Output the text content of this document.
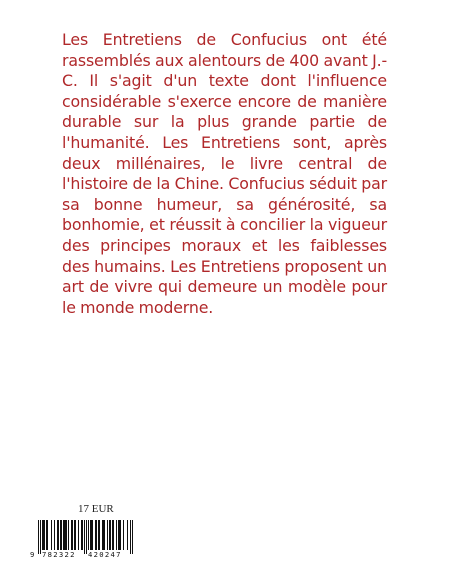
Les Entretiens de Confucius ont été rassemblés aux alentours de 400 avant J.-C. Il s'agit d'un texte dont l'influence considérable s'exerce encore de manière durable sur la plus grande partie de l'humanité. Les Entretiens sont, après deux millénaires, le livre central de l'histoire de la Chine. Confucius séduit par sa bonne humeur, sa générosité, sa bonhomie, et réussit à concilier la vigueur des principes moraux et les faiblesses des humains. Les Entretiens proposent un art de vivre qui demeure un modèle pour le monde moderne.

17 EUR
9 782322 420247
